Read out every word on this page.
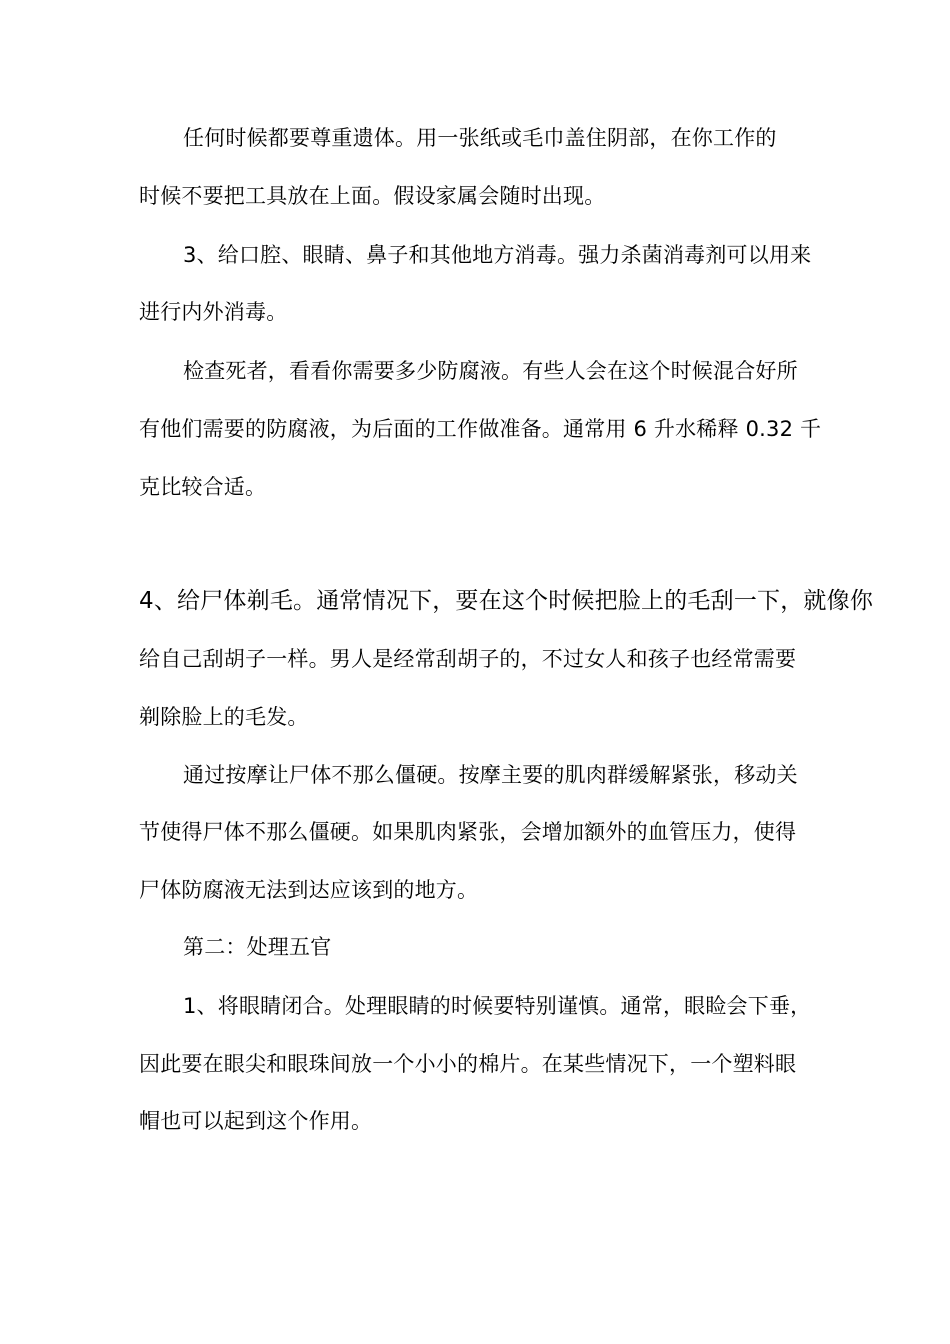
任何时候都要尊重遗体。用一张纸或毛巾盖住阴部，在你工作的
时候不要把工具放在上面。假设家属会随时出现。
3、给口腔、眼睛、鼻子和其他地方消毒。强力杀菌消毒剂可以用来
进行内外消毒。
检查死者，看看你需要多少防腐液。有些人会在这个时候混合好所
有他们需要的防腐液，为后面的工作做准备。通常用 6 升水稀释 0.32 千
克比较合适。
4、给尸体剃毛。通常情况下，要在这个时候把脸上的毛刮一下，就像你
给自己刮胡子一样。男人是经常刮胡子的，不过女人和孩子也经常需要
剃除脸上的毛发。
通过按摩让尸体不那么僵硬。按摩主要的肌肉群缓解紧张，移动关
节使得尸体不那么僵硬。如果肌肉紧张，会增加额外的血管压力，使得
尸体防腐液无法到达应该到的地方。
第二：处理五官
1、将眼睛闭合。处理眼睛的时候要特别谨慎。通常，眼睑会下垂，
因此要在眼尖和眼珠间放一个小小的棉片。在某些情况下，一个塑料眼
帽也可以起到这个作用。
